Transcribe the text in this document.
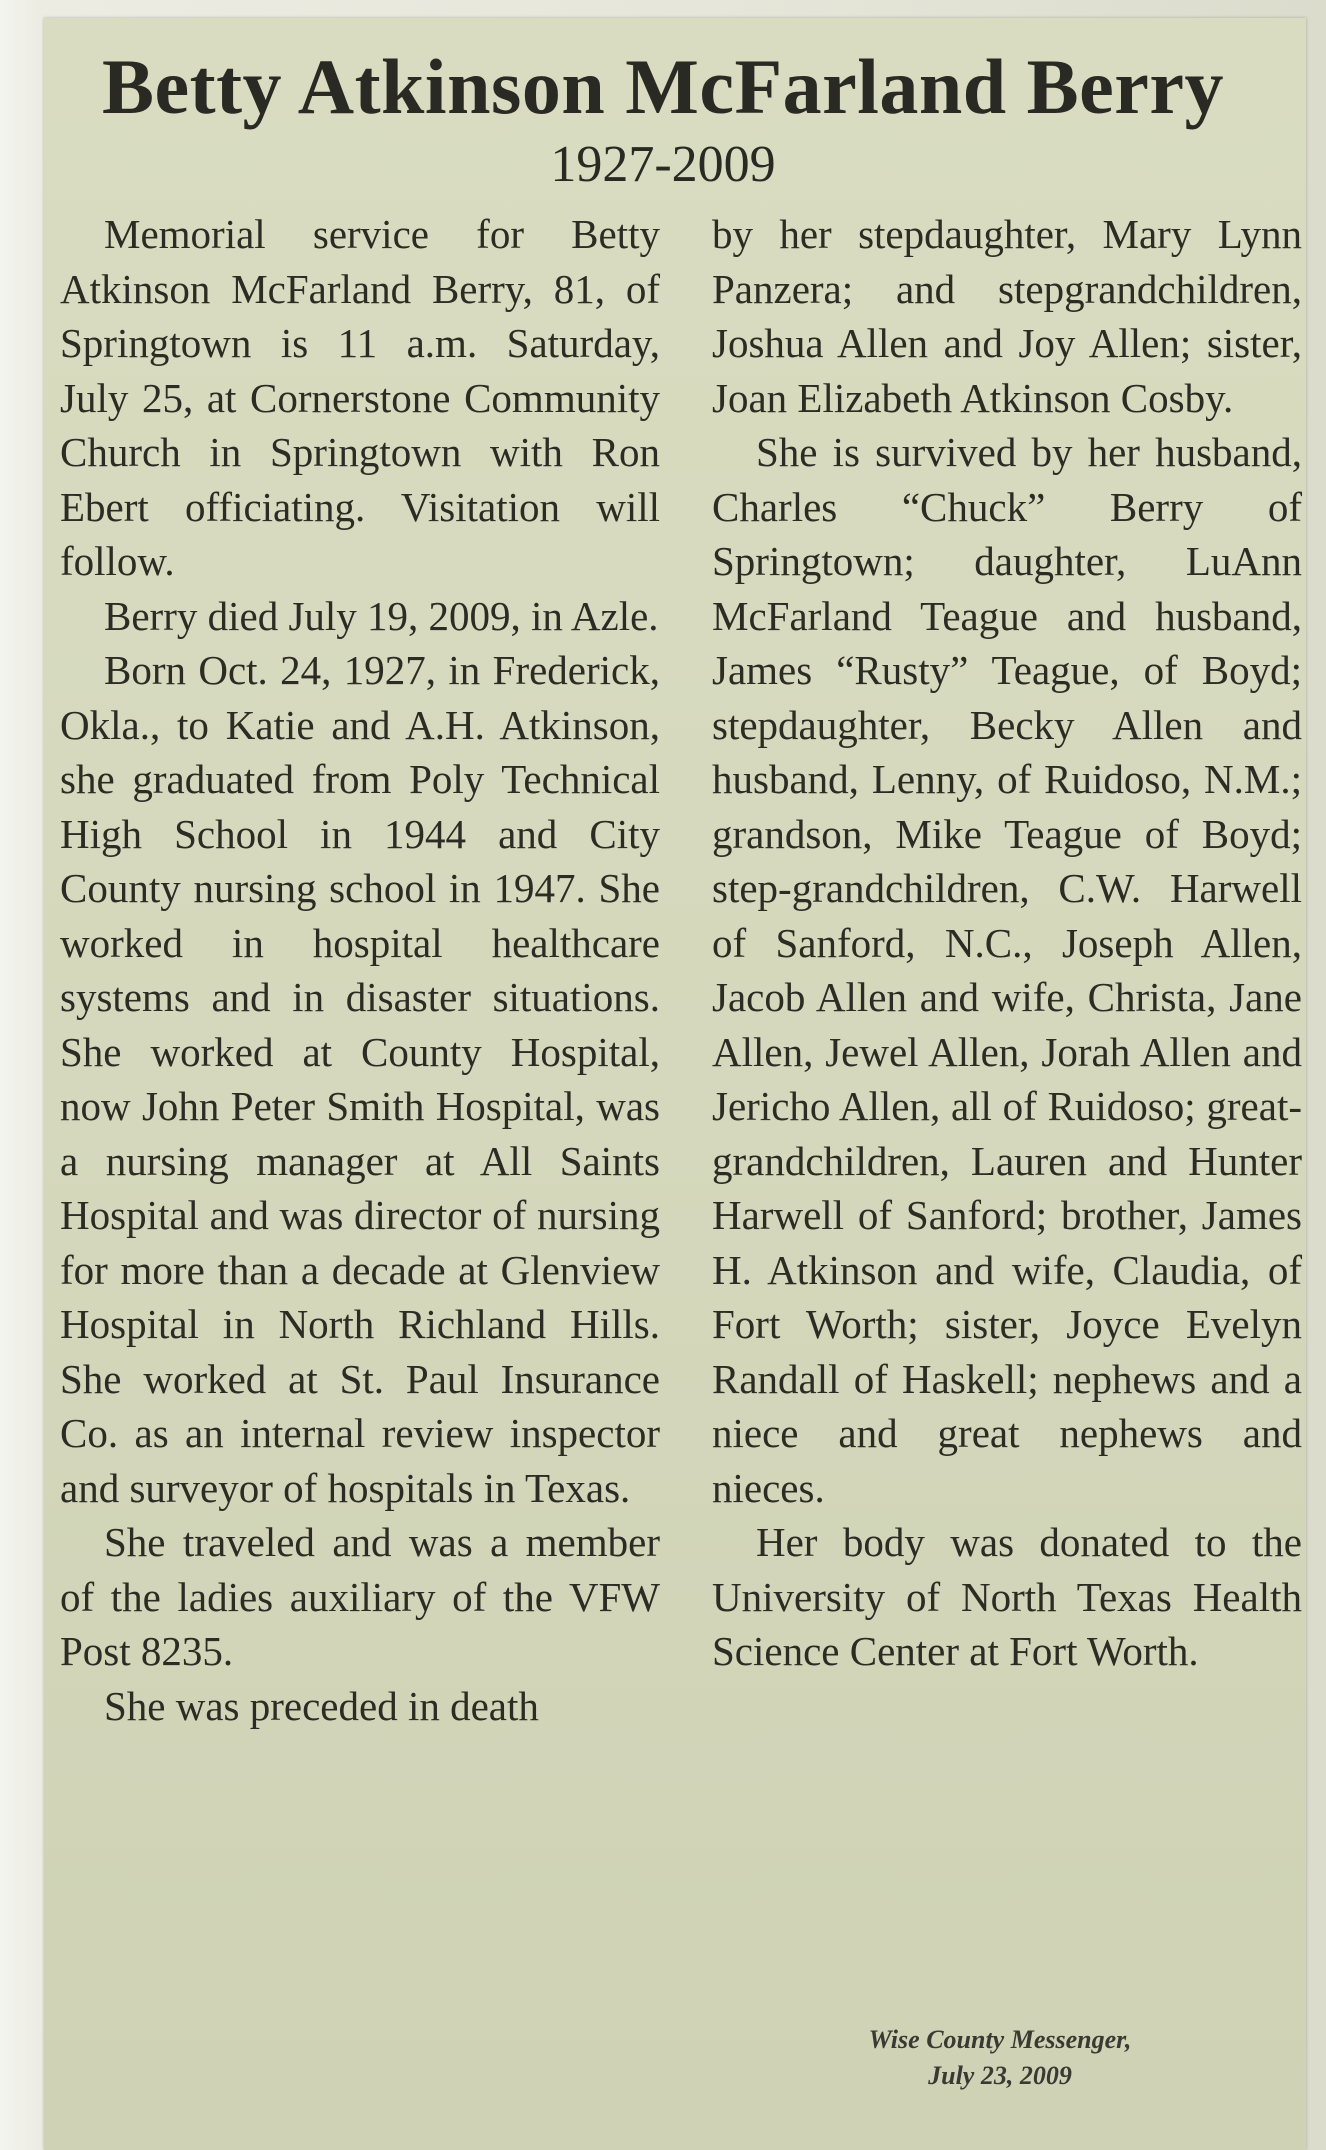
Betty Atkinson McFarland Berry
1927-2009

Memorial service for Betty Atkinson McFarland Berry, 81, of Springtown is 11 a.m. Saturday, July 25, at Cornerstone Community Church in Springtown with Ron Ebert officiating. Visitation will follow.

Berry died July 19, 2009, in Azle.

Born Oct. 24, 1927, in Frederick, Okla., to Katie and A.H. Atkinson, she graduated from Poly Technical High School in 1944 and City County nursing school in 1947. She worked in hospital healthcare systems and in disaster situations. She worked at County Hospital, now John Peter Smith Hospital, was a nursing manager at All Saints Hospital and was director of nursing for more than a decade at Glenview Hospital in North Richland Hills. She worked at St. Paul Insurance Co. as an internal review inspector and surveyor of hospitals in Texas.

She traveled and was a member of the ladies auxiliary of the VFW Post 8235.

She was preceded in death

by her stepdaughter, Mary Lynn Panzera; and stepgrandchildren, Joshua Allen and Joy Allen; sister, Joan Elizabeth Atkinson Cosby.

She is survived by her husband, Charles “Chuck” Berry of Springtown; daughter, LuAnn McFarland Teague and husband, James “Rusty” Teague, of Boyd; stepdaughter, Becky Allen and husband, Lenny, of Ruidoso, N.M.; grandson, Mike Teague of Boyd; step-grandchildren, C.W. Harwell of Sanford, N.C., Joseph Allen, Jacob Allen and wife, Christa, Jane Allen, Jewel Allen, Jorah Allen and Jericho Allen, all of Ruidoso; great-grandchildren, Lauren and Hunter Harwell of Sanford; brother, James H. Atkinson and wife, Claudia, of Fort Worth; sister, Joyce Evelyn Randall of Haskell; nephews and a niece and great nephews and nieces.

Her body was donated to the University of North Texas Health Science Center at Fort Worth.

Wise County Messenger,
July 23, 2009
